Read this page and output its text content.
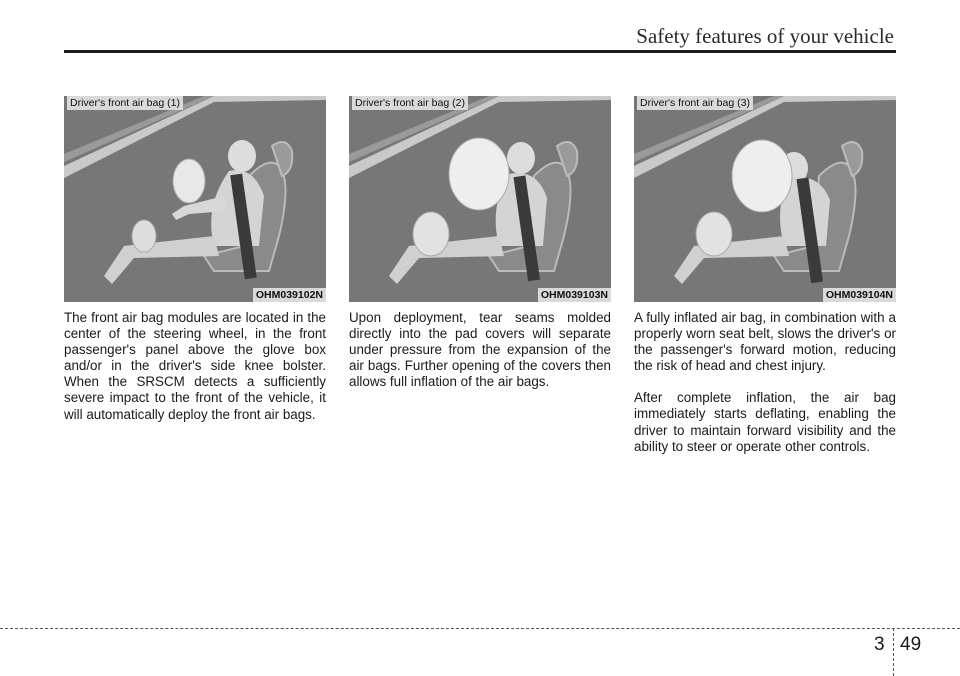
Safety features of your vehicle
Driver's front air bag (1)
OHM039102N
Driver's front air bag (2)
OHM039103N
Driver's front air bag (3)
OHM039104N

The front air bag modules are located in the center of the steering wheel, in the front passenger's panel above the glove box and/or in the driver's side knee bolster. When the SRSCM detects a sufficiently severe impact to the front of the vehicle, it will automatically deploy the front air bags.

Upon deployment, tear seams molded directly into the pad covers will separate under pressure from the expansion of the air bags. Further opening of the covers then allows full inflation of the air bags.

A fully inflated air bag, in combination with a properly worn seat belt, slows the driver's or the passenger's forward motion, reducing the risk of head and chest injury.

After complete inflation, the air bag immediately starts deflating, enabling the driver to maintain forward visibility and the ability to steer or operate other controls.

3 49
